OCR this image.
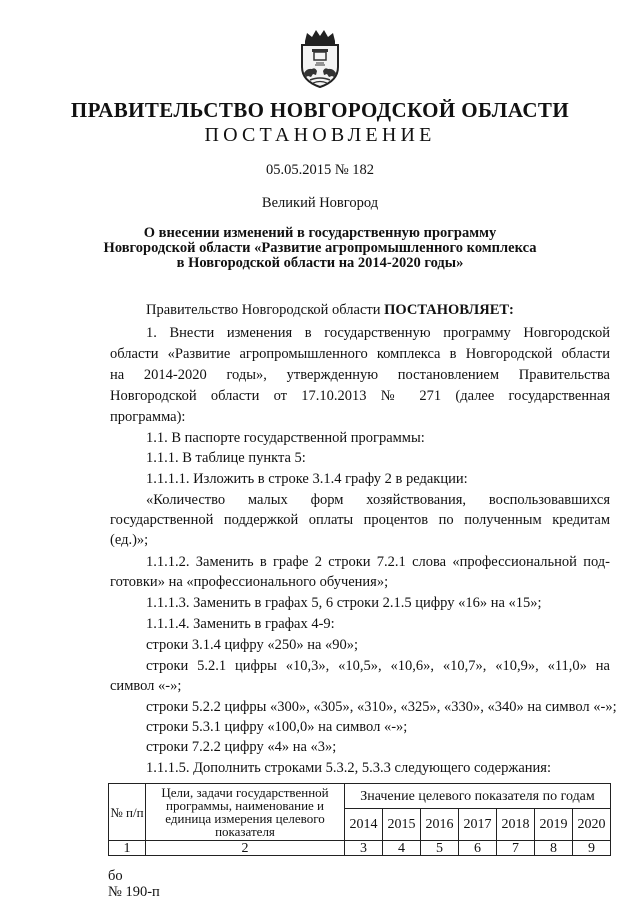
ПРАВИТЕЛЬСТВО НОВГОРОДСКОЙ ОБЛАСТИ
ПОСТАНОВЛЕНИЕ
05.05.2015 № 182
Великий Новгород
О внесении изменений в государственную программу
Новгородской области «Развитие агропромышленного комплекса
в Новгородской области на 2014-2020 годы»
Правительство Новгородской области ПОСТАНОВЛЯЕТ:
1. Внести изменения в государственную программу Новгородской
области «Развитие агропромышленного комплекса в Новгородской области
на 2014-2020 годы», утвержденную постановлением Правительства
Новгородской области от 17.10.2013 № 271 (далее государственная
программа):
1.1. В паспорте государственной программы:
1.1.1. В таблице пункта 5:
1.1.1.1. Изложить в строке 3.1.4 графу 2 в редакции:
«Количество малых форм хозяйствования, воспользовавшихся
государственной поддержкой оплаты процентов по полученным кредитам
(ед.)»;
1.1.1.2. Заменить в графе 2 строки 7.2.1 слова «профессиональной под-
готовки» на «профессионального обучения»;
1.1.1.3. Заменить в графах 5, 6 строки 2.1.5 цифру «16» на «15»;
1.1.1.4. Заменить в графах 4-9:
строки 3.1.4 цифру «250» на «90»;
строки 5.2.1 цифры «10,3», «10,5», «10,6», «10,7», «10,9», «11,0» на
символ «-»;
строки 5.2.2 цифры «300», «305», «310», «325», «330», «340» на символ «-»;
строки 5.3.1 цифру «100,0» на символ «-»;
строки 7.2.2 цифру «4» на «3»;
1.1.1.5. Дополнить строками 5.3.2, 5.3.3 следующего содержания:
№ п/п	Цели, задачи государственной программы, наименование и единица измерения целевого показателя	Значение целевого показателя по годам						
		2014	2015	2016	2017	2018	2019	2020
1	2	3	4	5	6	7	8	9
бо
№ 190-п
